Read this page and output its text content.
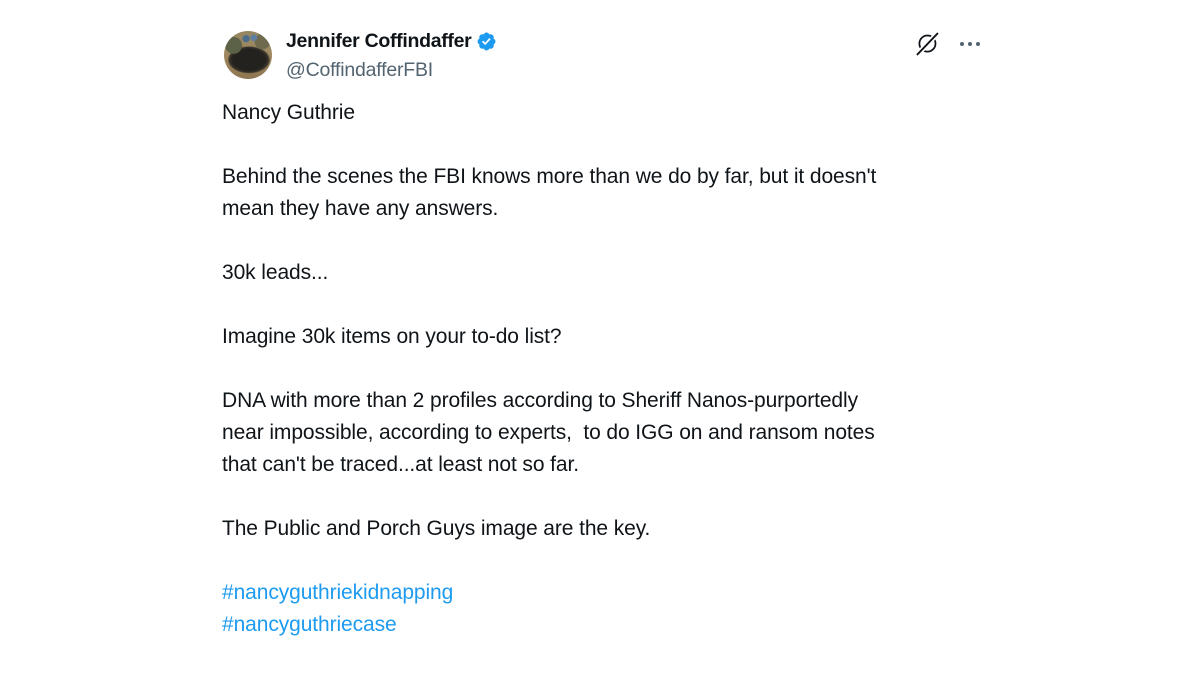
Jennifer Coffindaffer
@CoffindafferFBI
Nancy Guthrie
Behind the scenes the FBI knows more than we do by far, but it doesn't
mean they have any answers.
30k leads...
Imagine 30k items on your to-do list?
DNA with more than 2 profiles according to Sheriff Nanos-purportedly
near impossible, according to experts,  to do IGG on and ransom notes
that can't be traced...at least not so far.
The Public and Porch Guys image are the key.
#nancyguthriekidnapping
#nancyguthriecase
